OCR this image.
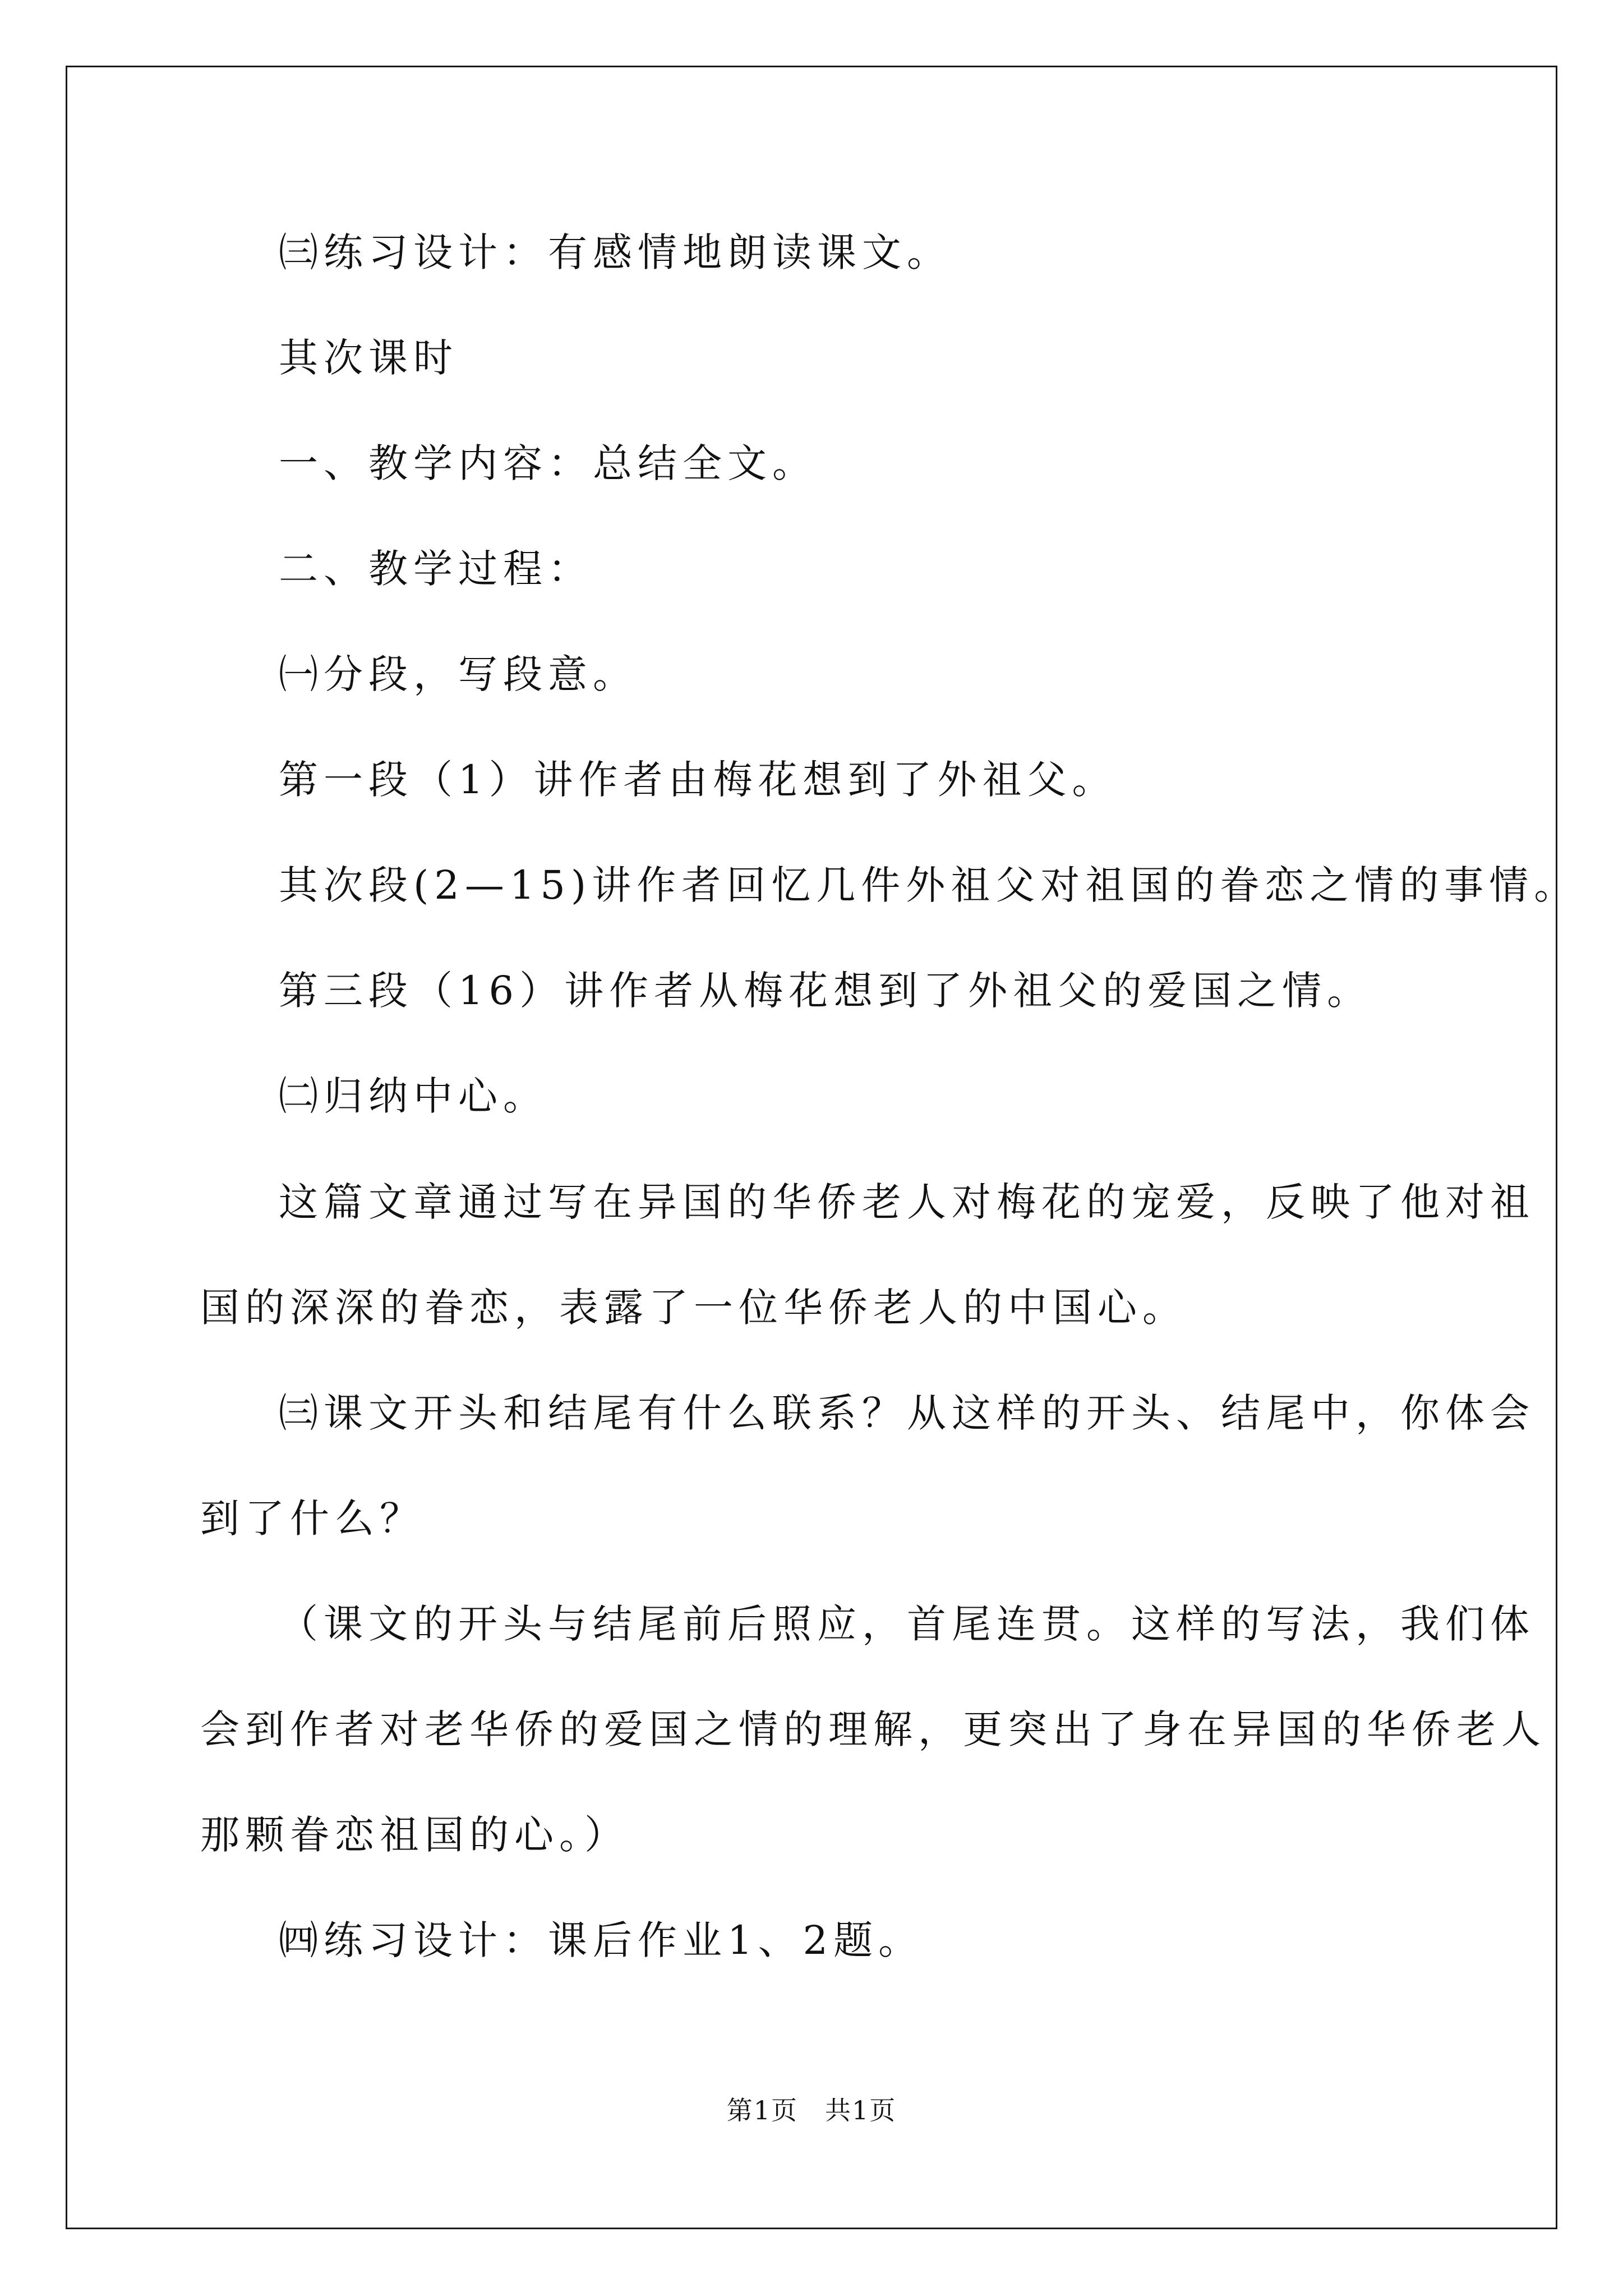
㈢练习设计：有感情地朗读课文。
其次课时
一、教学内容：总结全文。
二、教学过程：
㈠分段，写段意。
第一段（1）讲作者由梅花想到了外祖父。
其次段(2—15)讲作者回忆几件外祖父对祖国的眷恋之情的事情。
第三段（16）讲作者从梅花想到了外祖父的爱国之情。
㈡归纳中心。
这篇文章通过写在异国的华侨老人对梅花的宠爱，反映了他对祖
国的深深的眷恋，表露了一位华侨老人的中国心。
㈢课文开头和结尾有什么联系？从这样的开头、结尾中，你体会
到了什么？
（课文的开头与结尾前后照应，首尾连贯。这样的写法，我们体
会到作者对老华侨的爱国之情的理解，更突出了身在异国的华侨老人
那颗眷恋祖国的心。）
㈣练习设计：课后作业1、2题。
第1页　共1页
